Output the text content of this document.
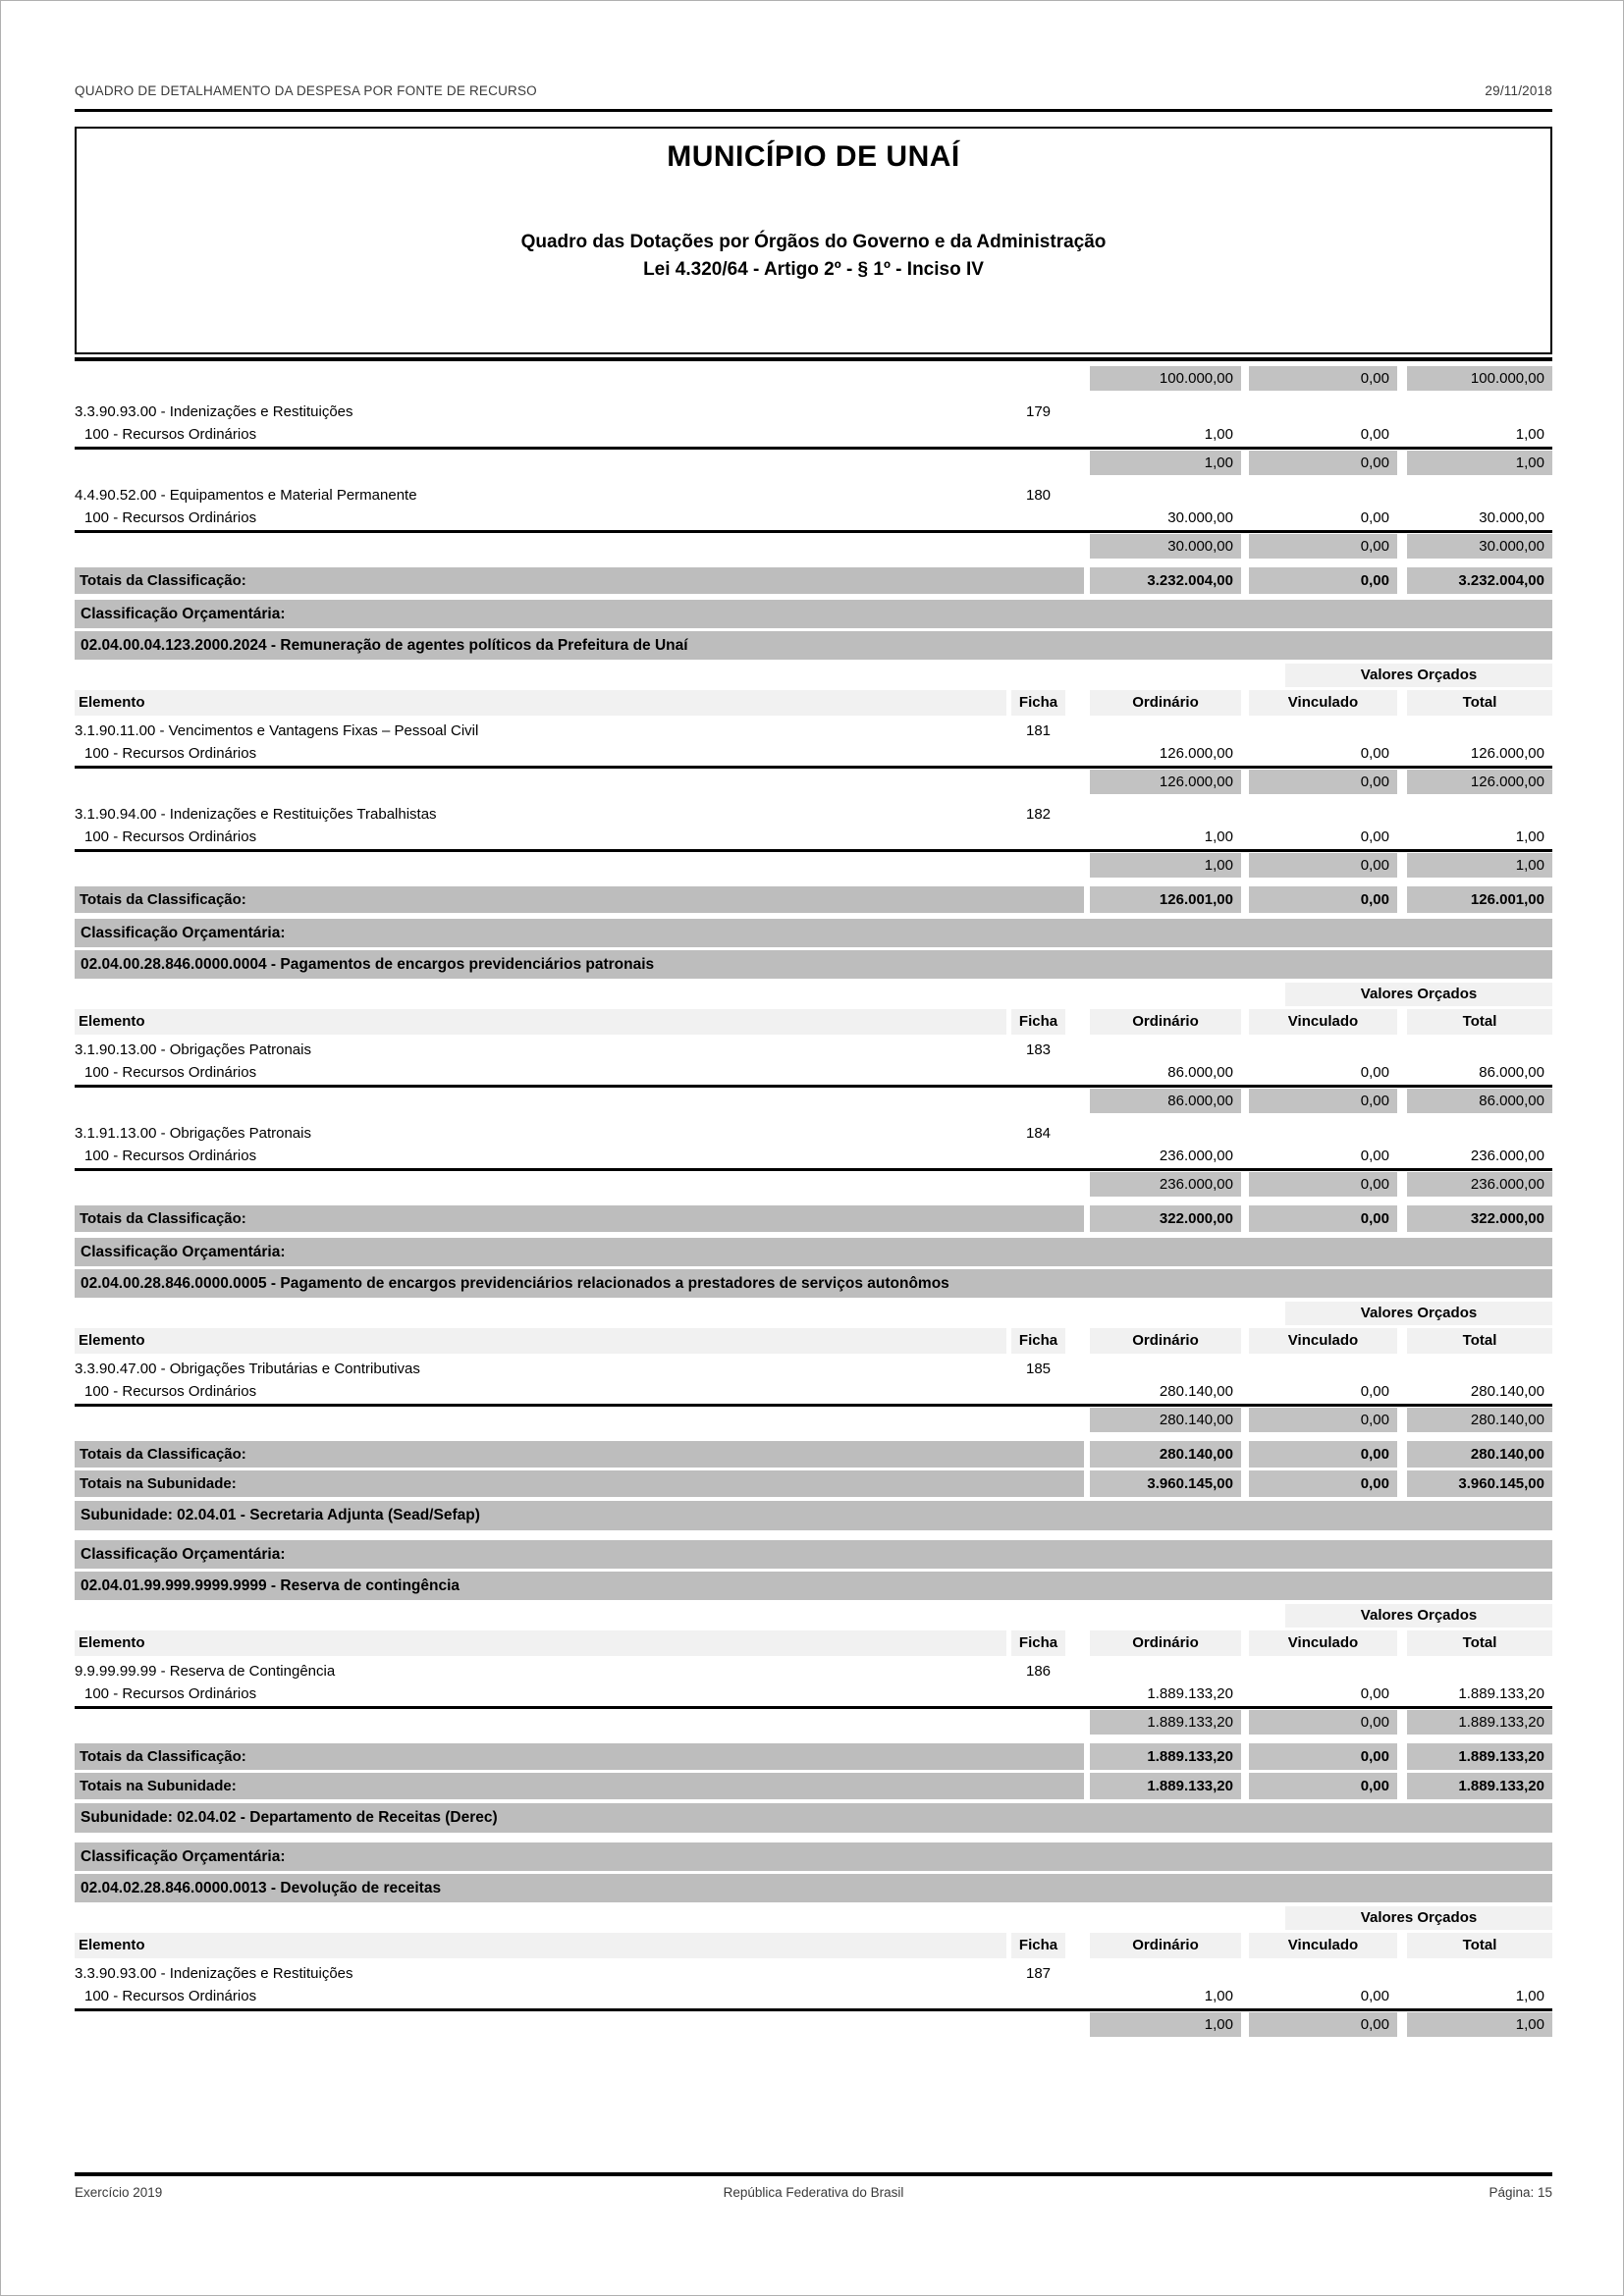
QUADRO DE DETALHAMENTO DA DESPESA POR FONTE DE RECURSO	29/11/2018
MUNICÍPIO DE UNAÍ
Quadro das Dotações por Órgãos do Governo e da Administração
Lei 4.320/64 - Artigo 2º - § 1º - Inciso IV
100.000,00	0,00	100.000,00
3.3.90.93.00 - Indenizações e Restituições	179
100 - Recursos Ordinários	1,00	0,00	1,00
1,00	0,00	1,00
4.4.90.52.00 - Equipamentos e Material Permanente	180
100 - Recursos Ordinários	30.000,00	0,00	30.000,00
30.000,00	0,00	30.000,00
Totais da Classificação:	3.232.004,00	0,00	3.232.004,00
Classificação Orçamentária:
02.04.00.04.123.2000.2024 - Remuneração de agentes políticos da Prefeitura de Unaí
Valores Orçados
Elemento	Ficha	Ordinário	Vinculado	Total
3.1.90.11.00 - Vencimentos e Vantagens Fixas – Pessoal Civil	181
100 - Recursos Ordinários	126.000,00	0,00	126.000,00
126.000,00	0,00	126.000,00
3.1.90.94.00 - Indenizações e Restituições Trabalhistas	182
100 - Recursos Ordinários	1,00	0,00	1,00
1,00	0,00	1,00
Totais da Classificação:	126.001,00	0,00	126.001,00
Classificação Orçamentária:
02.04.00.28.846.0000.0004 - Pagamentos de encargos previdenciários patronais
Valores Orçados
Elemento	Ficha	Ordinário	Vinculado	Total
3.1.90.13.00 - Obrigações Patronais	183
100 - Recursos Ordinários	86.000,00	0,00	86.000,00
86.000,00	0,00	86.000,00
3.1.91.13.00 - Obrigações Patronais	184
100 - Recursos Ordinários	236.000,00	0,00	236.000,00
236.000,00	0,00	236.000,00
Totais da Classificação:	322.000,00	0,00	322.000,00
Classificação Orçamentária:
02.04.00.28.846.0000.0005 - Pagamento de encargos previdenciários relacionados a prestadores de serviços autonômos
Valores Orçados
Elemento	Ficha	Ordinário	Vinculado	Total
3.3.90.47.00 - Obrigações Tributárias e Contributivas	185
100 - Recursos Ordinários	280.140,00	0,00	280.140,00
280.140,00	0,00	280.140,00
Totais da Classificação:	280.140,00	0,00	280.140,00
Totais na Subunidade:	3.960.145,00	0,00	3.960.145,00
Subunidade: 02.04.01 - Secretaria Adjunta (Sead/Sefap)
Classificação Orçamentária:
02.04.01.99.999.9999.9999 - Reserva de contingência
Valores Orçados
Elemento	Ficha	Ordinário	Vinculado	Total
9.9.99.99.99 - Reserva de Contingência	186
100 - Recursos Ordinários	1.889.133,20	0,00	1.889.133,20
1.889.133,20	0,00	1.889.133,20
Totais da Classificação:	1.889.133,20	0,00	1.889.133,20
Totais na Subunidade:	1.889.133,20	0,00	1.889.133,20
Subunidade: 02.04.02 - Departamento de Receitas (Derec)
Classificação Orçamentária:
02.04.02.28.846.0000.0013 - Devolução de receitas
Valores Orçados
Elemento	Ficha	Ordinário	Vinculado	Total
3.3.90.93.00 - Indenizações e Restituições	187
100 - Recursos Ordinários	1,00	0,00	1,00
1,00	0,00	1,00
Exercício 2019	República Federativa do Brasil	Página: 15
